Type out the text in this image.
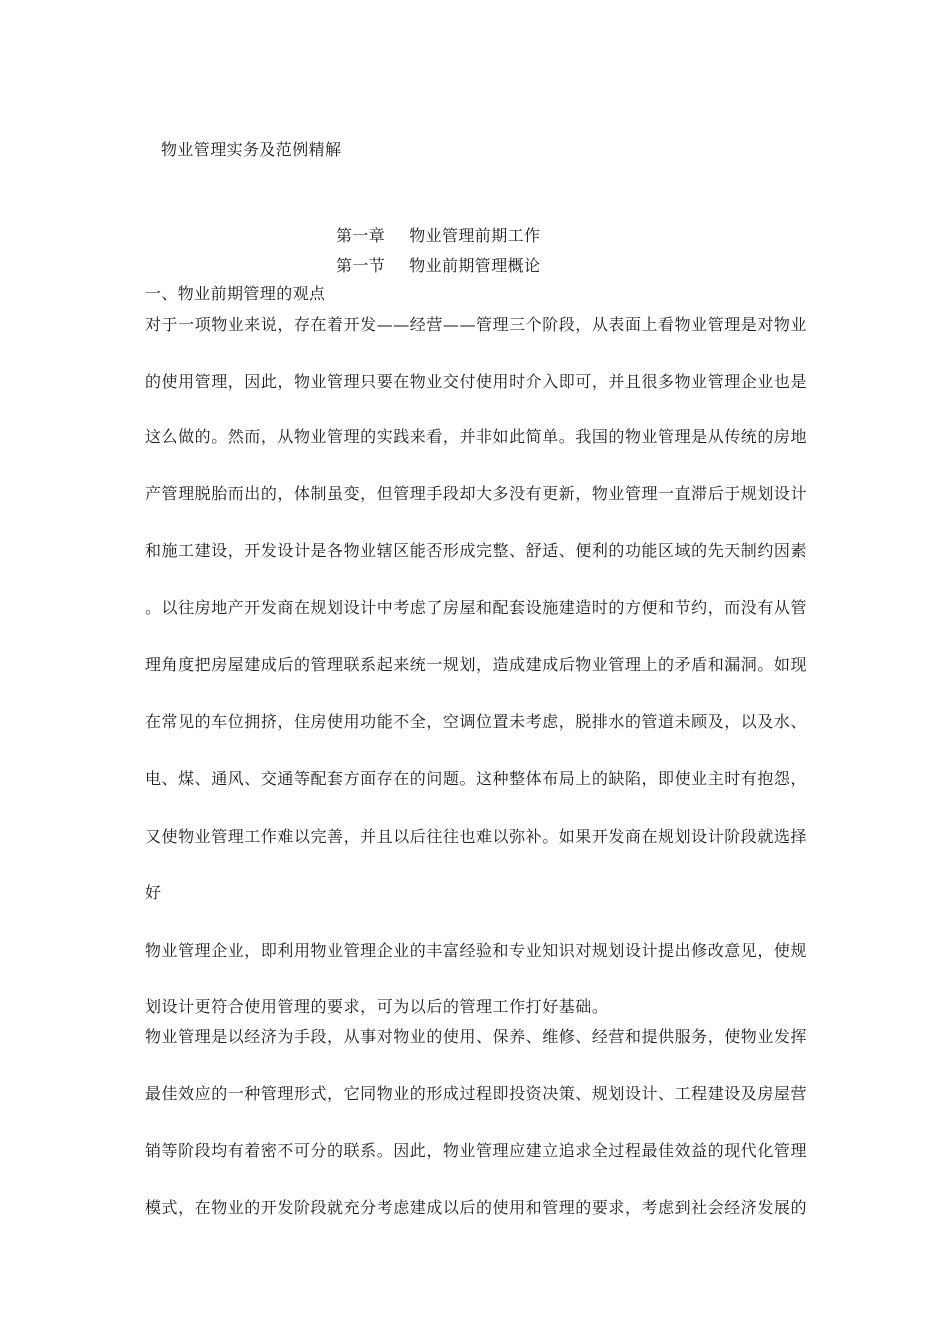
物业管理实务及范例精解
第一章 物业管理前期工作
第一节 物业前期管理概论
一、物业前期管理的观点
对于一项物业来说，存在着开发——经营——管理三个阶段，从表面上看物业管理是对物业
的使用管理，因此，物业管理只要在物业交付使用时介入即可，并且很多物业管理企业也是
这么做的。然而，从物业管理的实践来看，并非如此简单。我国的物业管理是从传统的房地
产管理脱胎而出的，体制虽变，但管理手段却大多没有更新，物业管理一直滞后于规划设计
和施工建设，开发设计是各物业辖区能否形成完整、舒适、便利的功能区域的先天制约因素
。以往房地产开发商在规划设计中考虑了房屋和配套设施建造时的方便和节约，而没有从管
理角度把房屋建成后的管理联系起来统一规划，造成建成后物业管理上的矛盾和漏洞。如现
在常见的车位拥挤，住房使用功能不全，空调位置未考虑，脱排水的管道未顾及，以及水、
电、煤、通风、交通等配套方面存在的问题。这种整体布局上的缺陷，即使业主时有抱怨，
又使物业管理工作难以完善，并且以后往往也难以弥补。如果开发商在规划设计阶段就选择
好
物业管理企业，即利用物业管理企业的丰富经验和专业知识对规划设计提出修改意见，使规
划设计更符合使用管理的要求，可为以后的管理工作打好基础。
物业管理是以经济为手段，从事对物业的使用、保养、维修、经营和提供服务，使物业发挥
最佳效应的一种管理形式，它同物业的形成过程即投资决策、规划设计、工程建设及房屋营
销等阶段均有着密不可分的联系。因此，物业管理应建立追求全过程最佳效益的现代化管理
模式，在物业的开发阶段就充分考虑建成以后的使用和管理的要求，考虑到社会经济发展的
